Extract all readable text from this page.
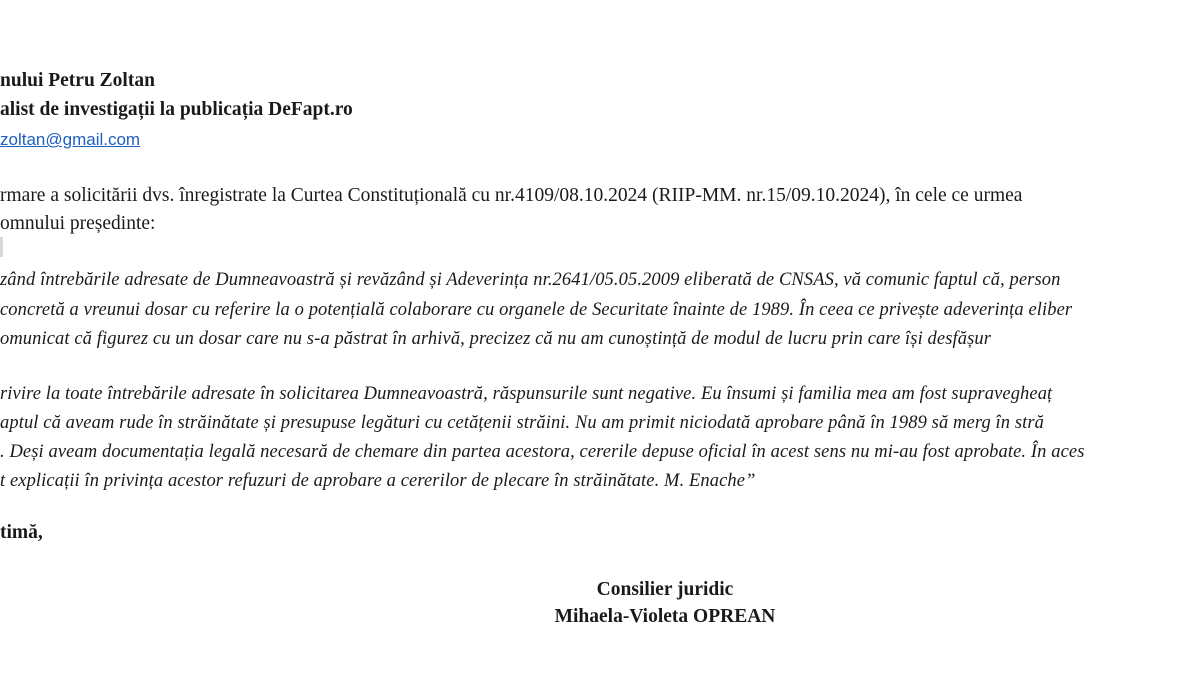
nului Petru Zoltan
alist de investigații la publicația DeFapt.ro
zoltan@gmail.com
rmare a solicitării dvs. înregistrate la Curtea Constituțională cu nr.4109/08.10.2024 (RIIP-MM. nr.15/09.10.2024), în cele ce urmea
omnului președinte:
zând întrebările adresate de Dumneavoastră și revăzând și Adeverința nr.2641/05.05.2009 eliberată de CNSAS, vă comunic faptul că, person
concretă a vreunui dosar cu referire la o potențială colaborare cu organele de Securitate înainte de 1989. În ceea ce privește adeverința eliber
omunicat că figurez cu un dosar care nu s-a păstrat în arhivă, precizez că nu am cunoștință de modul de lucru prin care își desfășur
rivire la toate întrebările adresate în solicitarea Dumneavoastră, răspunsurile sunt negative. Eu însumi și familia mea am fost supravegheaț
aptul că aveam rude în străinătate și presupuse legături cu cetățenii străini. Nu am primit niciodată aprobare până în 1989 să merg în stră
. Deși aveam documentația legală necesară de chemare din partea acestora, cererile depuse oficial în acest sens nu mi-au fost aprobate. În aces
t explicații în privința acestor refuzuri de aprobare a cererilor de plecare în străinătate. M. Enache”
timă,
Consilier juridic
Mihaela-Violeta OPREAN
